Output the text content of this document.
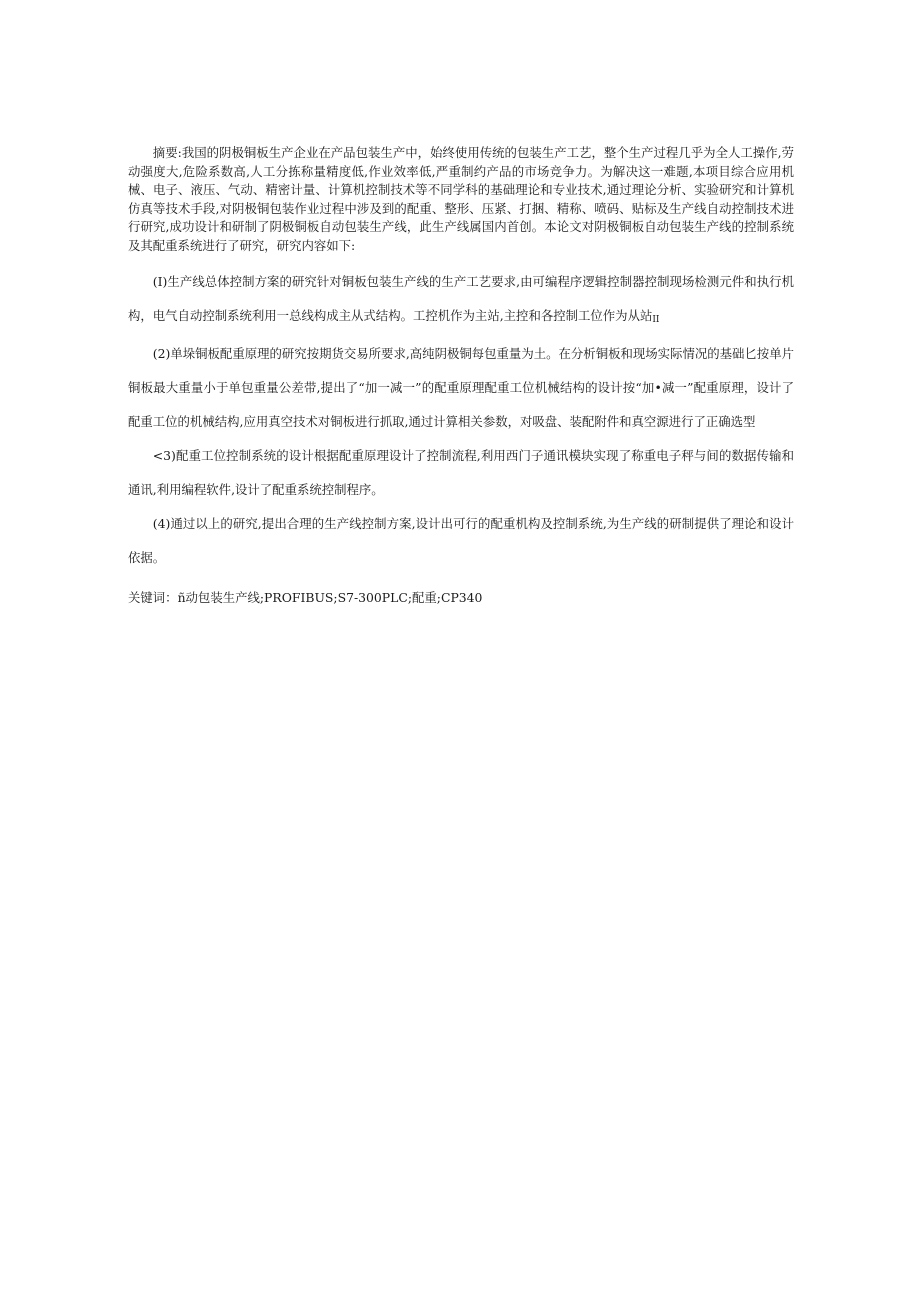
摘要:我国的阴极铜板生产企业在产品包装生产中，始终使用传统的包装生产工艺，整个生产过程几乎为全人工操作,劳动强度大,危险系数高,人工分拣称量精度低,作业效率低,严重制约产品的市场竞争力。为解决这一难题,本项目综合应用机械、电子、液压、气动、精密计量、计算机控制技术等不同学科的基础理论和专业技术,通过理论分析、实验研究和计算机仿真等技术手段,对阴极铜包装作业过程中涉及到的配重、整形、压紧、打捆、精称、喷码、贴标及生产线自动控制技术进行研究,成功设计和研制了阴极铜板自动包装生产线，此生产线属国内首创。本论文对阴极铜板自动包装生产线的控制系统及其配重系统进行了研究，研究内容如下:

(I)生产线总体控制方案的研究针对铜板包装生产线的生产工艺要求,由可编程序逻辑控制器控制现场检测元件和执行机构，电气自动控制系统利用一总线构成主从式结构。工控机作为主站,主控和各控制工位作为从站II

(2)单垛铜板配重原理的研究按期货交易所要求,高纯阴极铜每包重量为土。在分析铜板和现场实际情况的基础匕按单片铜板最大重量小于单包重量公差带,提出了“加一减一”的配重原理配重工位机械结构的设计按“加•减一”配重原理，设计了配重工位的机械结构,应用真空技术对铜板进行抓取,通过计算相关参数，对吸盘、装配附件和真空源进行了正确选型

<3)配重工位控制系统的设计根据配重原理设计了控制流程,利用西门子通讯模块实现了称重电子秤与间的数据传输和通讯,利用编程软件,设计了配重系统控制程序。

(4)通过以上的研究,提出合理的生产线控制方案,设计出可行的配重机构及控制系统,为生产线的研制提供了理论和设计依据。

关键词：ñ动包装生产线;PROFIBUS;S7-300PLC;配重;CP340
